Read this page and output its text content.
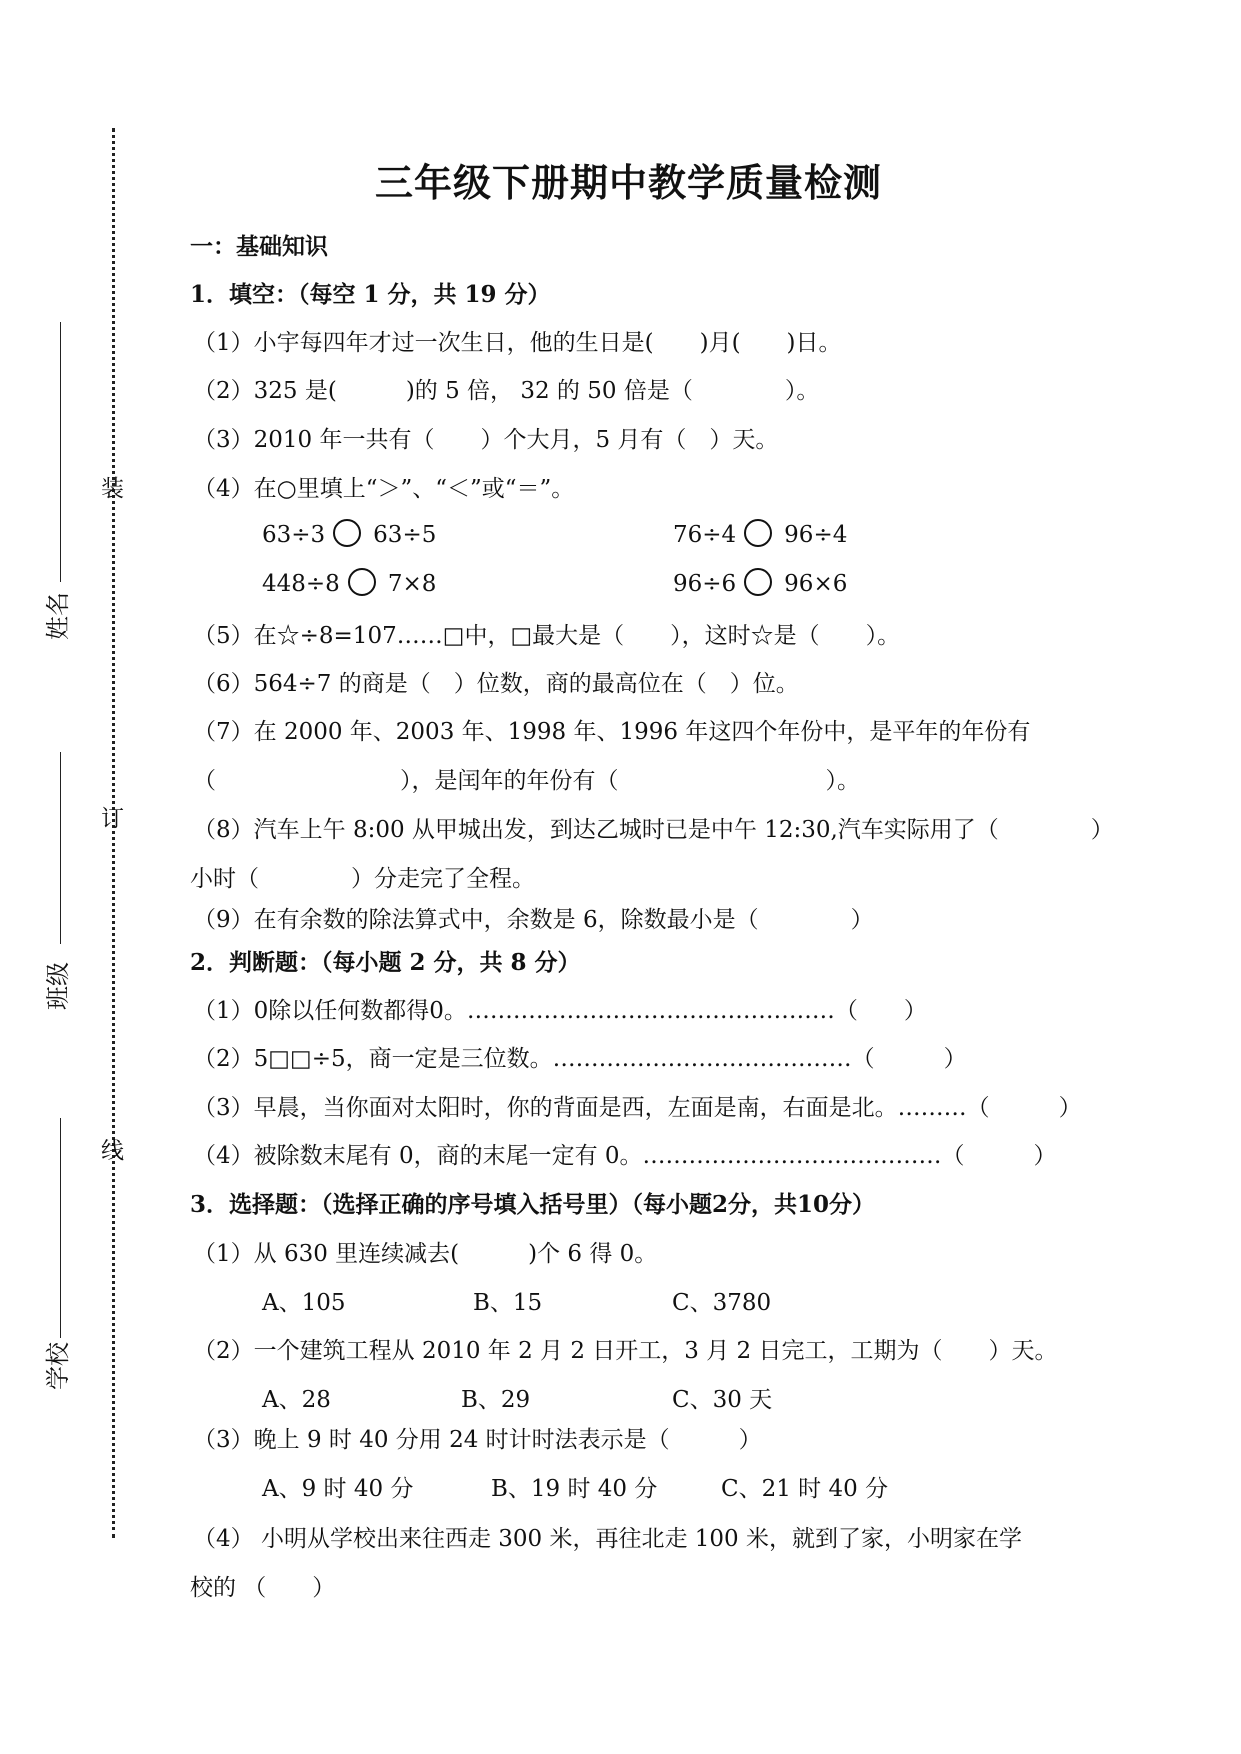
装
订
线
姓名
班级
学校
三年级下册期中教学质量检测
一：基础知识
1．填空：（每空 1 分，共 19 分）
（1）小宇每四年才过一次生日，他的生日是(　　)月(　　)日。
（2）325 是(　　　)的 5 倍， 32 的 50 倍是（　　　　）。
（3）2010 年一共有（　　）个大月，5 月有（　）天。
（4）在○里填上“＞”、“＜”或“＝”。
63÷3 63÷5	76÷4 96÷4
448÷8 7×8	96÷6 96×6
（5）在☆÷8=107……□中，□最大是（　　），这时☆是（　　）。
（6）564÷7 的商是（　）位数，商的最高位在（　）位。
（7）在 2000 年、2003 年、1998 年、1996 年这四个年份中，是平年的年份有
（　　　　　　　　），是闰年的年份有（　　　　　　　　　）。
（8）汽车上午 8:00 从甲城出发，到达乙城时已是中午 12:30,汽车实际用了（　　　　）
小时（　　　　）分走完了全程。
（9）在有余数的除法算式中，余数是 6，除数最小是（　　　　）
2．判断题：（每小题 2 分，共 8 分）
（1）0除以任何数都得0。…………………………………………（　　）
（2）5□□÷5，商一定是三位数。…………………………………（　　　）
（3）早晨，当你面对太阳时，你的背面是西，左面是南，右面是北。………（　　　）
（4）被除数末尾有 0，商的末尾一定有 0。…………………………………（　　　）
3．选择题：（选择正确的序号填入括号里）（每小题2分，共10分）
（1）从 630 里连续减去(　　　)个 6 得 0。
A、105	B、15	C、3780
（2）一个建筑工程从 2010 年 2 月 2 日开工，3 月 2 日完工，工期为（　　）天。
A、28	B、29	C、30 天
（3）晚上 9 时 40 分用 24 时计时法表示是（　　　）
A、9 时 40 分	B、19 时 40 分	C、21 时 40 分
（4） 小明从学校出来往西走 300 米，再往北走 100 米，就到了家，小明家在学
校的 （　　）
